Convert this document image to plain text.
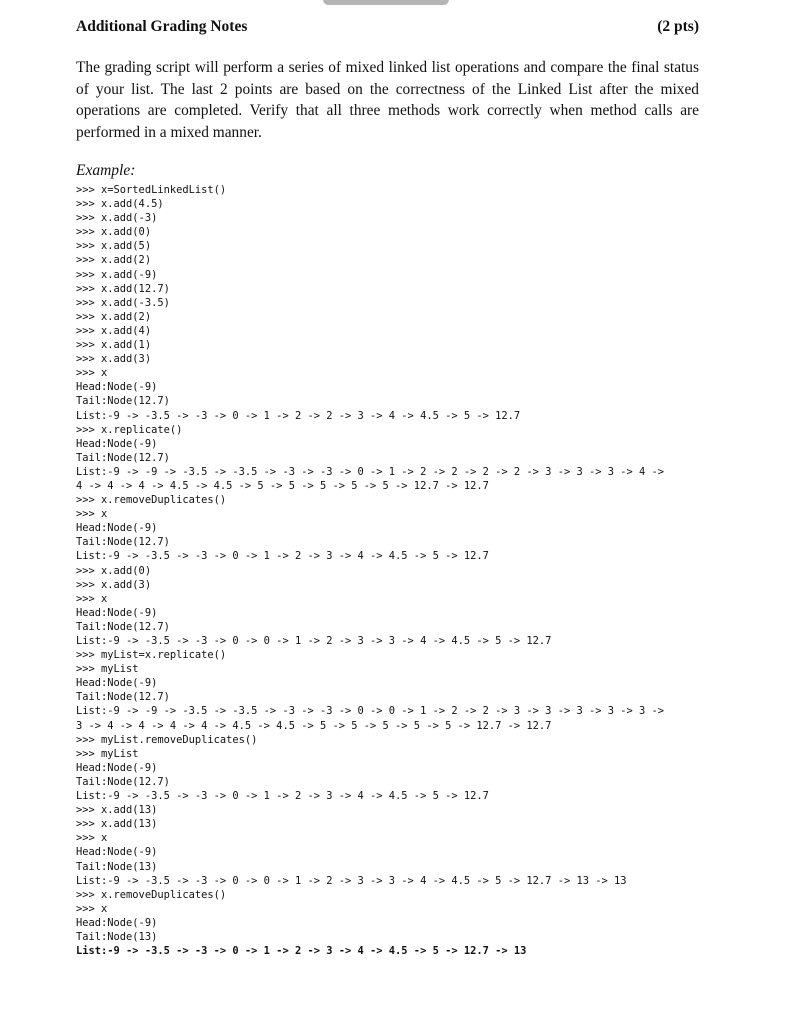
Additional Grading Notes	(2 pts)

The grading script will perform a series of mixed linked list operations and compare the final status of your list. The last 2 points are based on the correctness of the Linked List after the mixed operations are completed. Verify that all three methods work correctly when method calls are performed in a mixed manner.

Example:
>>> x=SortedLinkedList()
>>> x.add(4.5)
>>> x.add(-3)
>>> x.add(0)
>>> x.add(5)
>>> x.add(2)
>>> x.add(-9)
>>> x.add(12.7)
>>> x.add(-3.5)
>>> x.add(2)
>>> x.add(4)
>>> x.add(1)
>>> x.add(3)
>>> x
Head:Node(-9)
Tail:Node(12.7)
List:-9 -> -3.5 -> -3 -> 0 -> 1 -> 2 -> 2 -> 3 -> 4 -> 4.5 -> 5 -> 12.7
>>> x.replicate()
Head:Node(-9)
Tail:Node(12.7)
List:-9 -> -9 -> -3.5 -> -3.5 -> -3 -> -3 -> 0 -> 1 -> 2 -> 2 -> 2 -> 2 -> 3 -> 3 -> 3 -> 4 ->
4 -> 4 -> 4 -> 4.5 -> 4.5 -> 5 -> 5 -> 5 -> 5 -> 5 -> 12.7 -> 12.7
>>> x.removeDuplicates()
>>> x
Head:Node(-9)
Tail:Node(12.7)
List:-9 -> -3.5 -> -3 -> 0 -> 1 -> 2 -> 3 -> 4 -> 4.5 -> 5 -> 12.7
>>> x.add(0)
>>> x.add(3)
>>> x
Head:Node(-9)
Tail:Node(12.7)
List:-9 -> -3.5 -> -3 -> 0 -> 0 -> 1 -> 2 -> 3 -> 3 -> 4 -> 4.5 -> 5 -> 12.7
>>> myList=x.replicate()
>>> myList
Head:Node(-9)
Tail:Node(12.7)
List:-9 -> -9 -> -3.5 -> -3.5 -> -3 -> -3 -> 0 -> 0 -> 1 -> 2 -> 2 -> 3 -> 3 -> 3 -> 3 -> 3 ->
3 -> 4 -> 4 -> 4 -> 4 -> 4.5 -> 4.5 -> 5 -> 5 -> 5 -> 5 -> 5 -> 12.7 -> 12.7
>>> myList.removeDuplicates()
>>> myList
Head:Node(-9)
Tail:Node(12.7)
List:-9 -> -3.5 -> -3 -> 0 -> 1 -> 2 -> 3 -> 4 -> 4.5 -> 5 -> 12.7
>>> x.add(13)
>>> x.add(13)
>>> x
Head:Node(-9)
Tail:Node(13)
List:-9 -> -3.5 -> -3 -> 0 -> 0 -> 1 -> 2 -> 3 -> 3 -> 4 -> 4.5 -> 5 -> 12.7 -> 13 -> 13
>>> x.removeDuplicates()
>>> x
Head:Node(-9)
Tail:Node(13)
List:-9 -> -3.5 -> -3 -> 0 -> 1 -> 2 -> 3 -> 4 -> 4.5 -> 5 -> 12.7 -> 13
